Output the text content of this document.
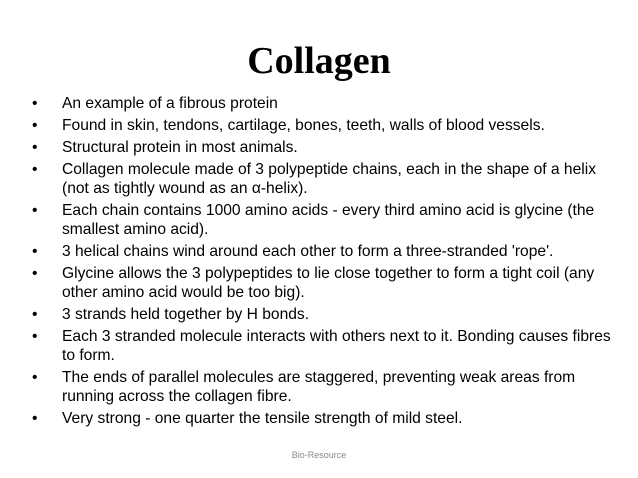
Collagen
•	An example of a fibrous protein
•	Found in skin, tendons, cartilage, bones, teeth, walls of blood vessels.
•	Structural protein in most animals.
•	Collagen molecule made of 3 polypeptide chains, each in the shape of a helix (not as tightly wound as an α-helix).
•	Each chain contains 1000 amino acids - every third amino acid is glycine (the smallest amino acid).
•	3 helical chains wind around each other to form a three-stranded 'rope'.
•	Glycine allows the 3 polypeptides to lie close together to form a tight coil (any other amino acid would be too big).
•	3 strands held together by H bonds.
•	Each 3 stranded molecule interacts with others next to it. Bonding causes fibres to form.
•	The ends of parallel molecules are staggered, preventing weak areas from running across the collagen fibre.
•	Very strong - one quarter the tensile strength of mild steel.
Bio-Resource
